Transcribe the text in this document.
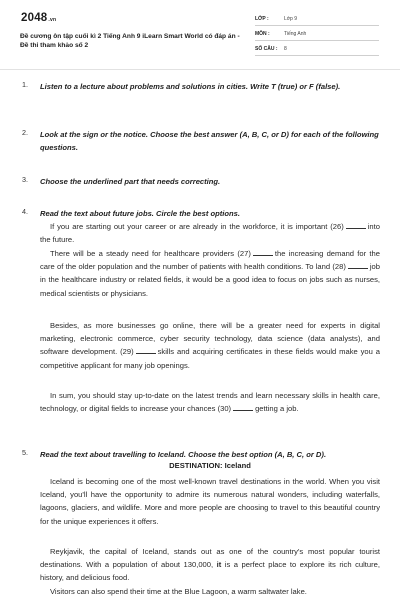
2048.vn
Đề cương ôn tập cuối kì 2 Tiếng Anh 9 iLearn Smart World có đáp án - Đề thi tham khảo số 2
LỚP :	Lớp 9
MÔN :	Tiếng Anh
SỐ CÂU : 8
1. Listen to a lecture about problems and solutions in cities. Write T (true) or F (false).
2. Look at the sign or the notice. Choose the best answer (A, B, C, or D) for each of the following questions.
3. Choose the underlined part that needs correcting.
4. Read the text about future jobs. Circle the best options.

If you are starting out your career or are already in the workforce, it is important (26)	into the future.

There will be a steady need for healthcare providers (27)	the increasing demand for the care of the older population and the number of patients with health conditions. To land (28)	job in the healthcare industry or related fields, it would be a good idea to focus on jobs such as nurses, medical scientists or physicians.

Besides, as more businesses go online, there will be a greater need for experts in digital marketing, electronic commerce, cyber security technology, data science (data analysts), and software development. (29)	skills and acquiring certificates in these fields would make you a competitive applicant for many job openings.

In sum, you should stay up-to-date on the latest trends and learn necessary skills in health care, technology, or digital fields to increase your chances (30)	getting a job.

5. Read the text about travelling to Iceland. Choose the best option (A, B, C, or D).
DESTINATION: Iceland

Iceland is becoming one of the most well-known travel destinations in the world. When you visit Iceland, you'll have the opportunity to admire its numerous natural wonders, including waterfalls, lagoons, glaciers, and wildlife. More and more people are choosing to travel to this beautiful country for the unique experiences it offers.

Reykjavik, the capital of Iceland, stands out as one of the country's most popular tourist destinations. With a population of about 130,000, it is a perfect place to explore its rich culture, history, and delicious food.

Visitors can also spend their time at the Blue Lagoon, a warm saltwater lake.
